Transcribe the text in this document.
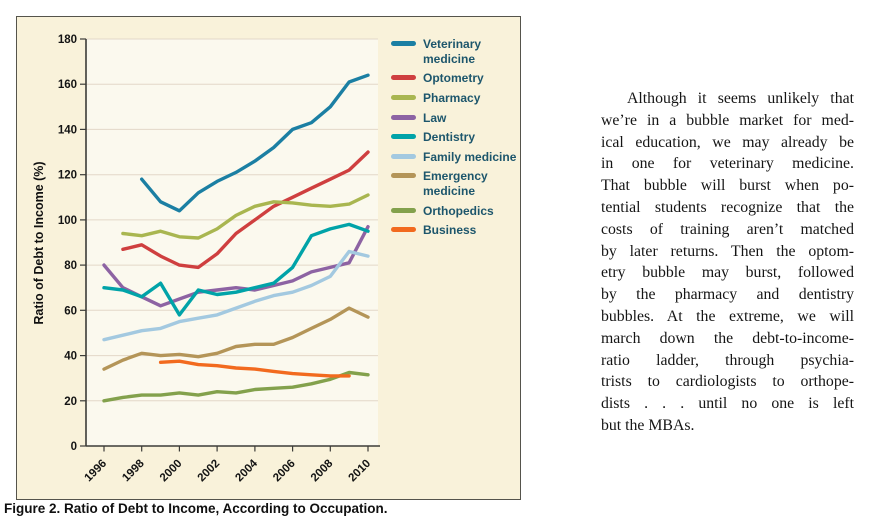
0
20
40
60
80
100
120
140
160
180
1996 1998 2000 2002 2004 2006 2008 2010
Ratio of Debt to Income (%)
Veterinary medicine
Optometry
Pharmacy
Law
Dentistry
Family medicine
Emergency medicine
Orthopedics
Business
Figure 2. Ratio of Debt to Income, According to Occupation.
Although it seems unlikely that
we’re in a bubble market for med-
ical education, we may already be
in one for veterinary medicine.
That bubble will burst when po-
tential students recognize that the
costs of training aren’t matched
by later returns. Then the optom-
etry bubble may burst, followed
by the pharmacy and dentistry
bubbles. At the extreme, we will
march down the debt-to-income-
ratio ladder, through psychia-
trists to cardiologists to orthope-
dists . . . until no one is left
but the MBAs.
